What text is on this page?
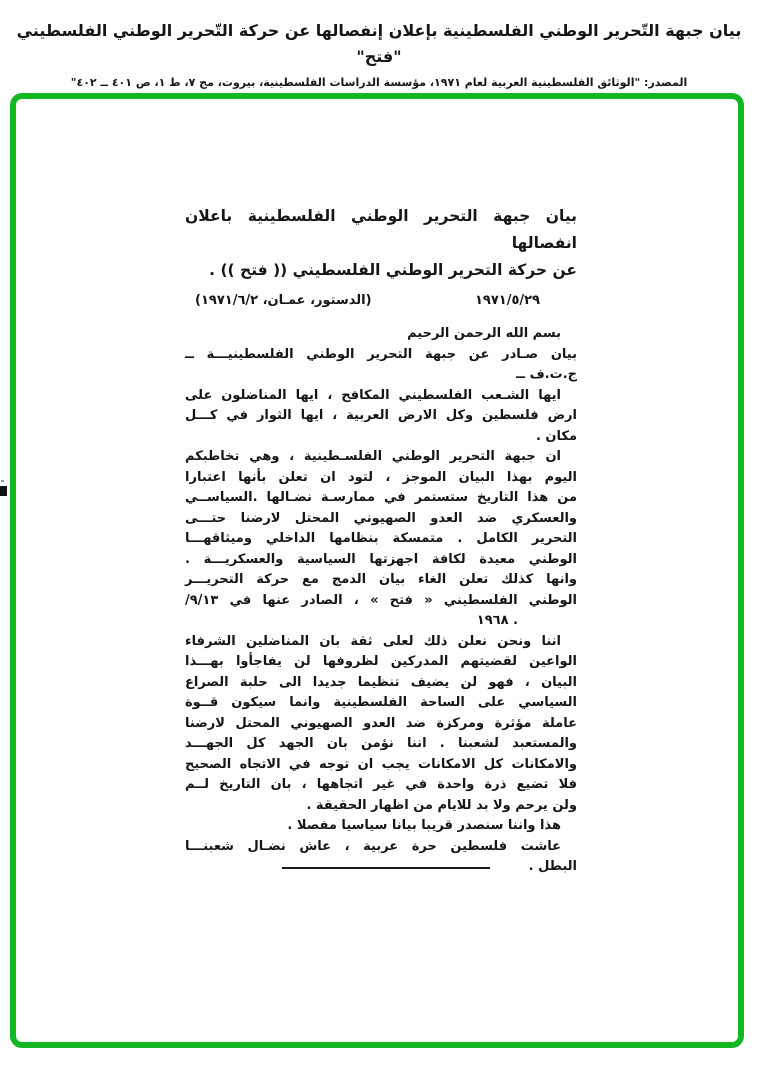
بيان جبهة التّحرير الوطني الفلسطينية بإعلان إنفصالها عن حركة التّحرير الوطني الفلسطيني "فتح"
المصدر: "الوثائق الفلسطينية العربية لعام ١٩٧١، مؤسسة الدراسات الفلسطينية، بيروت، مج ٧، ط ١، ص ٤٠١ ــ ٤٠٢"
بيان جبهة التحرير الوطني الفلسطينية باعلان انفصالها
عن حركة التحرير الوطني الفلسطيني (( فتح )) .
١٩٧١/٥/٢٩
(الدستور، عمـان، ١٩٧١/٦/٢)
بسم الله الرحمن الرحيم
بيان صـادر عن جبهة التحرير الوطني الفلسطينيـــة ــ
ج.ت.ف ــ
ايها الشـعب الفلسطيني المكافح ، ايها المناضلون على
ارض فلسطين وكل الارض العربية ، ايها الثوار في كـــل
مكان .
ان جبهة التحرير الوطني الفلسـطينية ، وهي تخاطبكم
اليوم بهذا البيان الموجز ، لتود ان تعلن بأنها اعتبارا
من هذا التاريخ ستستمر في ممارسـة نضـالها .السياســي
والعسكري ضد العدو الصهيوني المحتل لارضنا حتـــى
التحرير الكامل . متمسكة بنظامها الداخلي وميثاقهـــا
الوطني معيدة لكافة اجهزتها السياسية والعسكريـــة .
وانها كذلك تعلن الغاء بيان الدمج مع حركة التحريـــر
الوطني الفلسطيني « فتح » ، الصادر عنها في ٩/١٣/
. ١٩٦٨
اننا ونحن نعلن ذلك لعلى ثقة بان المناضلين الشرفاء
الواعين لقضيتهم المدركين لظروفها لن يفاجأوا بهـــذا
البيان ، فهو لن يضيف تنظيما جديدا الى حلبة الصراع
السياسي على الساحة الفلسطينية وانما سيكون قــوة
عاملة مؤثرة ومركزة ضد العدو الصهيوني المحتل لارضنا
والمستعبد لشعبنا . اننا نؤمن بان الجهد كل الجهـــد
والامكانات كل الامكانات يجب ان توجه في الاتجاه الصحيح
فلا تضيع ذرة واحدة في غير اتجاهها ، بان التاريخ لــم
ولن يرحم ولا بد للايام من اظهار الحقيقة .
هذا واننا سنصدر قريبا بيانا سياسيا مفصلا .
عاشت فلسطين حرة عربية ، عاش نضـال شعبنـــا
البطل .
